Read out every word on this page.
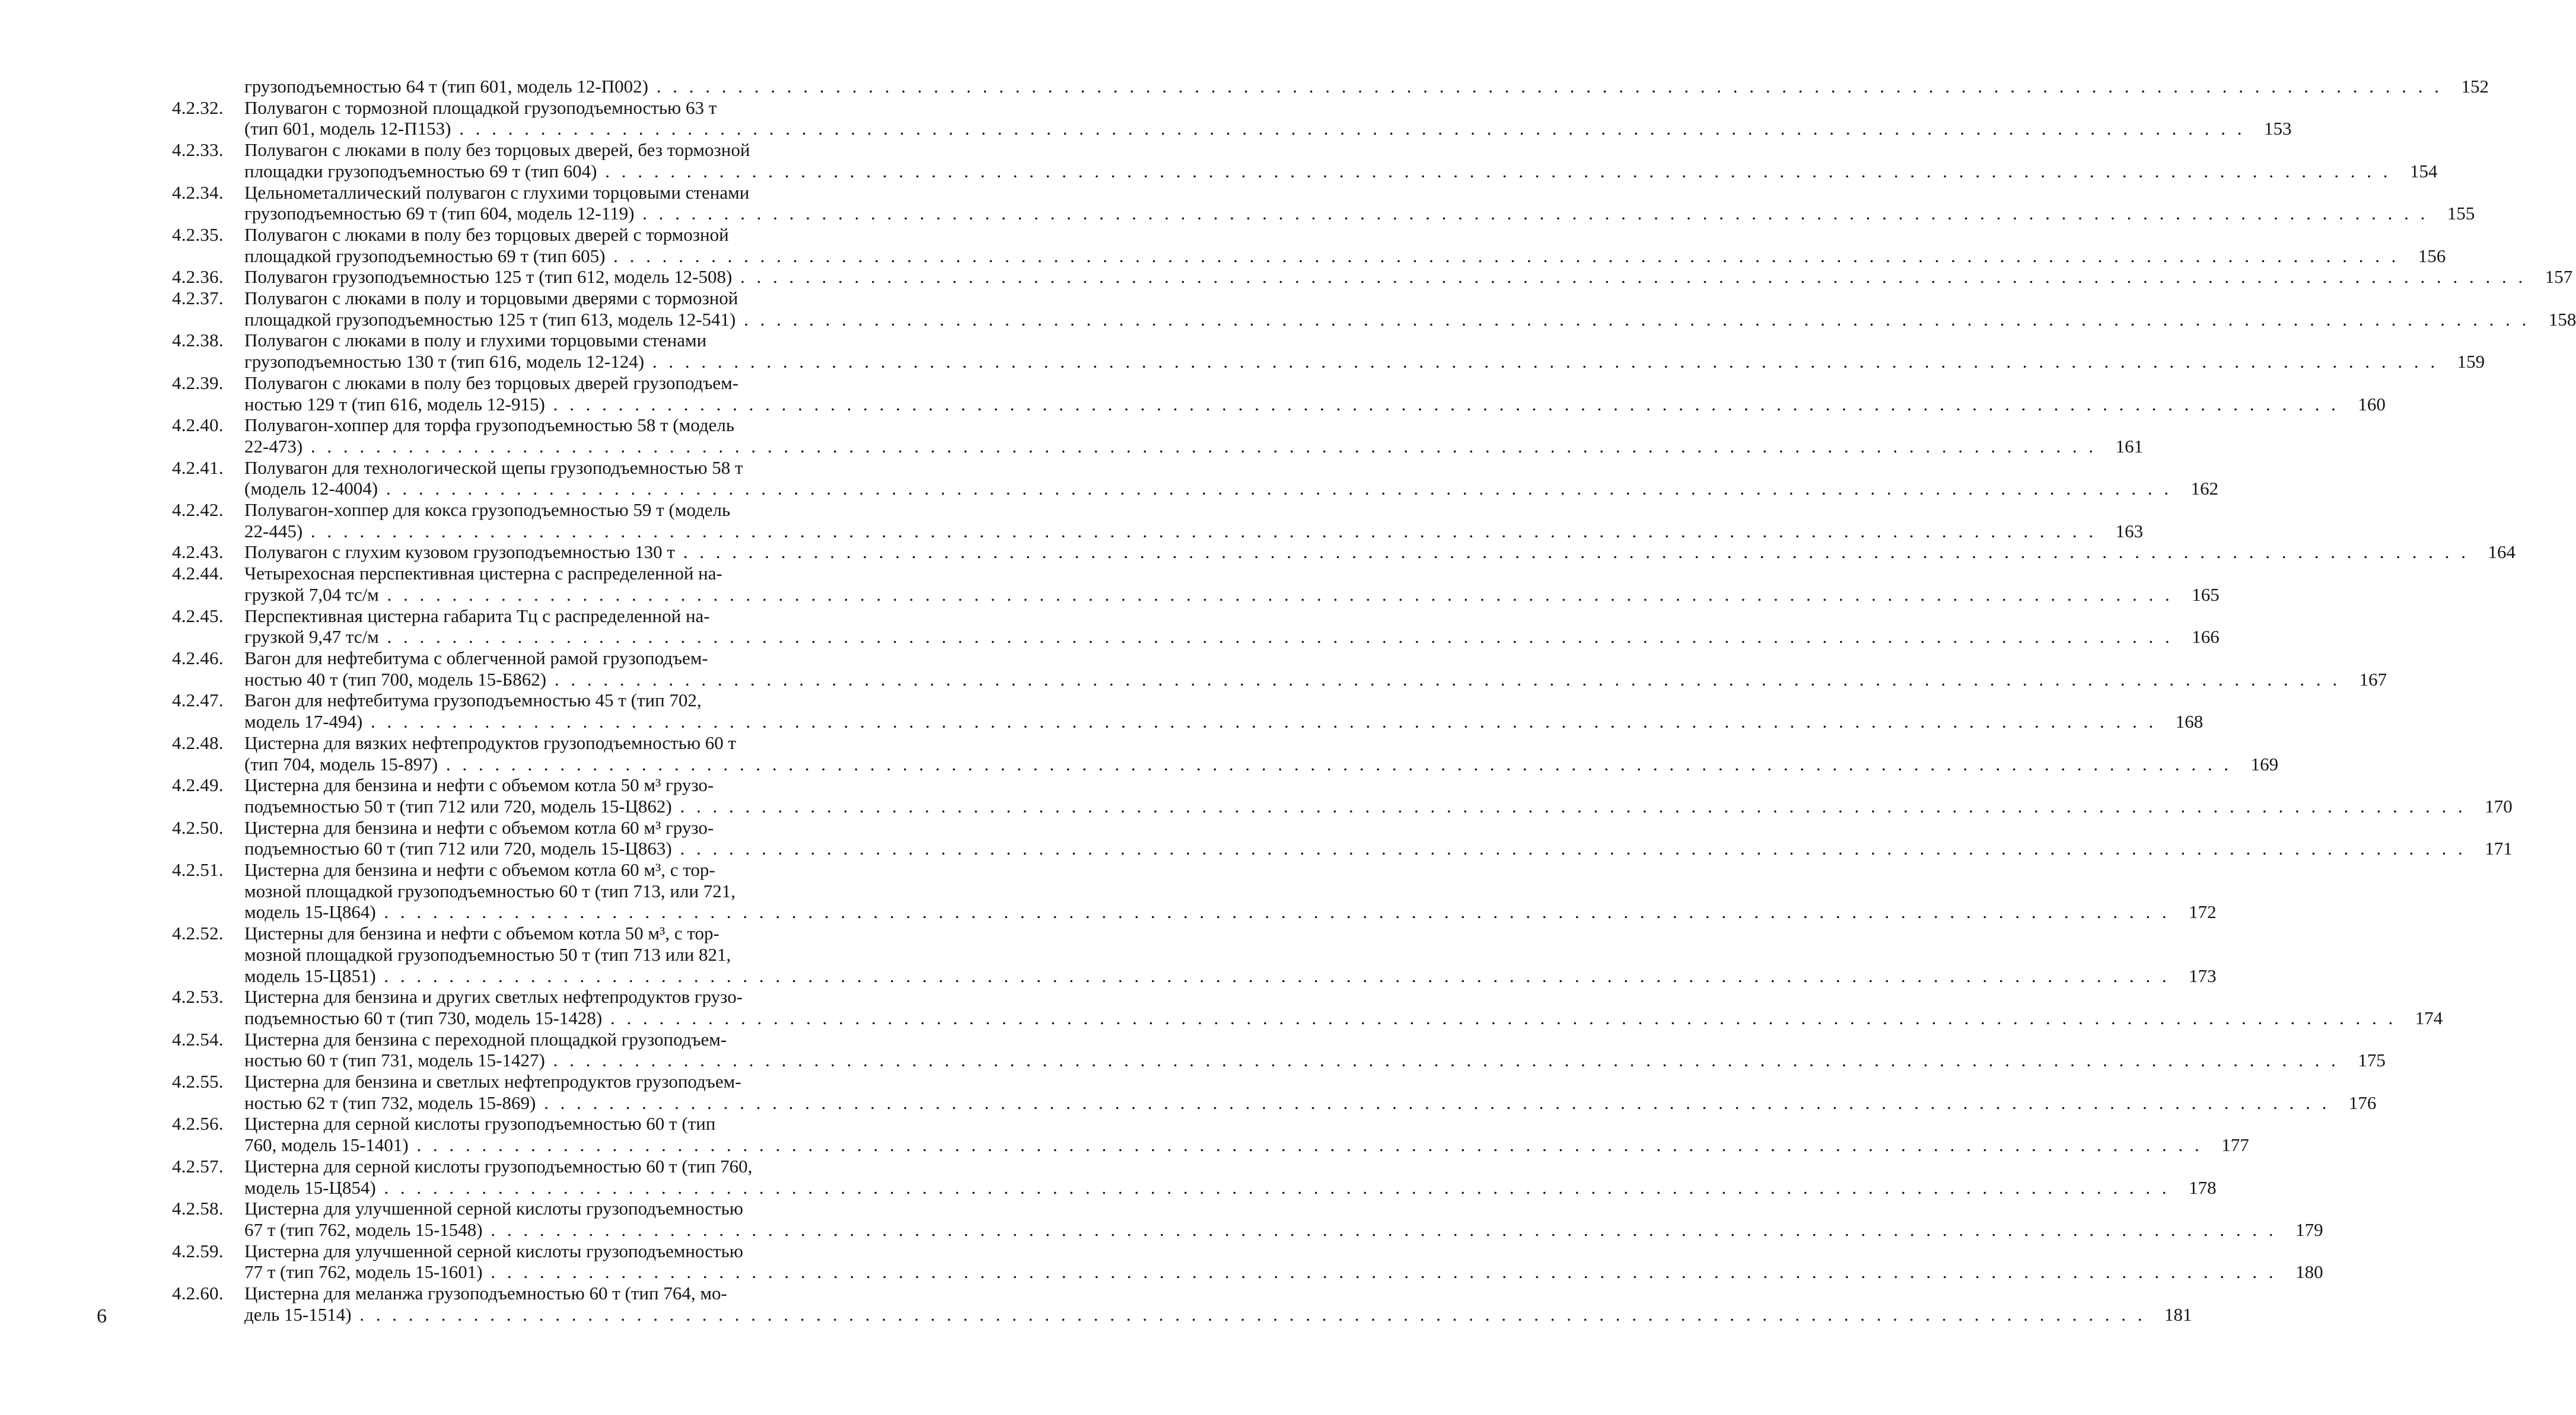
грузоподъемностью 64 т (тип 601, модель 12-П002) . . .	152
4.2.32.	Полувагон с тормозной площадкой грузоподъемностью 63 т
(тип 601, модель 12-П153) . . .	153
4.2.33.	Полувагон с люками в полу без торцовых дверей, без тормозной
площадки грузоподъемностью 69 т (тип 604) . . .	154
4.2.34.	Цельнометаллический полувагон с глухими торцовыми стенами
грузоподъемностью 69 т (тип 604, модель 12-119) . . .	155
4.2.35.	Полувагон с люками в полу без торцовых дверей с тормозной
площадкой грузоподъемностью 69 т (тип 605) . . .	156
4.2.36.	Полувагон грузоподъемностью 125 т (тип 612, модель 12-508) . . .	157
4.2.37.	Полувагон с люками в полу и торцовыми дверями с тормозной
площадкой грузоподъемностью 125 т (тип 613, модель 12-541) . . .	158
4.2.38.	Полувагон с люками в полу и глухими торцовыми стенами
грузоподъемностью 130 т (тип 616, модель 12-124) . . .	159
4.2.39.	Полувагон с люками в полу без торцовых дверей грузоподъем-
ностью 129 т (тип 616, модель 12-915) . . .	160
4.2.40.	Полувагон-хоппер для торфа грузоподъемностью 58 т (модель
22-473) . . .	161
4.2.41.	Полувагон для технологической щепы грузоподъемностью 58 т
(модель 12-4004) . . .	162
4.2.42.	Полувагон-хоппер для кокса грузоподъемностью 59 т (модель
22-445) . . .	163
4.2.43.	Полувагон с глухим кузовом грузоподъемностью 130 т . . .	164
4.2.44.	Четырехосная перспективная цистерна с распределенной на-
грузкой 7,04 тс/м . . .	165
4.2.45.	Перспективная цистерна габарита Тц с распределенной на-
грузкой 9,47 тс/м . . .	166
4.2.46.	Вагон для нефтебитума с облегченной рамой грузоподъем-
ностью 40 т (тип 700, модель 15-Б862) . . .	167
4.2.47.	Вагон для нефтебитума грузоподъемностью 45 т (тип 702,
модель 17-494) . . .	168
4.2.48.	Цистерна для вязких нефтепродуктов грузоподъемностью 60 т
(тип 704, модель 15-897) . . .	169
4.2.49.	Цистерна для бензина и нефти с объемом котла 50 м³ грузо-
подъемностью 50 т (тип 712 или 720, модель 15-Ц862) . . .	170
4.2.50.	Цистерна для бензина и нефти с объемом котла 60 м³ грузо-
подъемностью 60 т (тип 712 или 720, модель 15-Ц863) . . .	171
4.2.51.	Цистерна для бензина и нефти с объемом котла 60 м³, с тор-
мозной площадкой грузоподъемностью 60 т (тип 713, или 721,
модель 15-Ц864) . . .	172
4.2.52.	Цистерны для бензина и нефти с объемом котла 50 м³, с тор-
мозной площадкой грузоподъемностью 50 т (тип 713 или 821,
модель 15-Ц851) . . .	173
4.2.53.	Цистерна для бензина и других светлых нефтепродуктов грузо-
подъемностью 60 т (тип 730, модель 15-1428) . . .	174
4.2.54.	Цистерна для бензина с переходной площадкой грузоподъем-
ностью 60 т (тип 731, модель 15-1427) . . .	175
4.2.55.	Цистерна для бензина и светлых нефтепродуктов грузоподъем-
ностью 62 т (тип 732, модель 15-869) . . .	176
4.2.56.	Цистерна для серной кислоты грузоподъемностью 60 т (тип
760, модель 15-1401) . . .	177
4.2.57.	Цистерна для серной кислоты грузоподъемностью 60 т (тип 760,
модель 15-Ц854) . . .	178
4.2.58.	Цистерна для улучшенной серной кислоты грузоподъемностью
67 т (тип 762, модель 15-1548) . . .	179
4.2.59.	Цистерна для улучшенной серной кислоты грузоподъемностью
77 т (тип 762, модель 15-1601) . . .	180
4.2.60.	Цистерна для меланжа грузоподъемностью 60 т (тип 764, мо-
дель 15-1514) . . .	181
6
